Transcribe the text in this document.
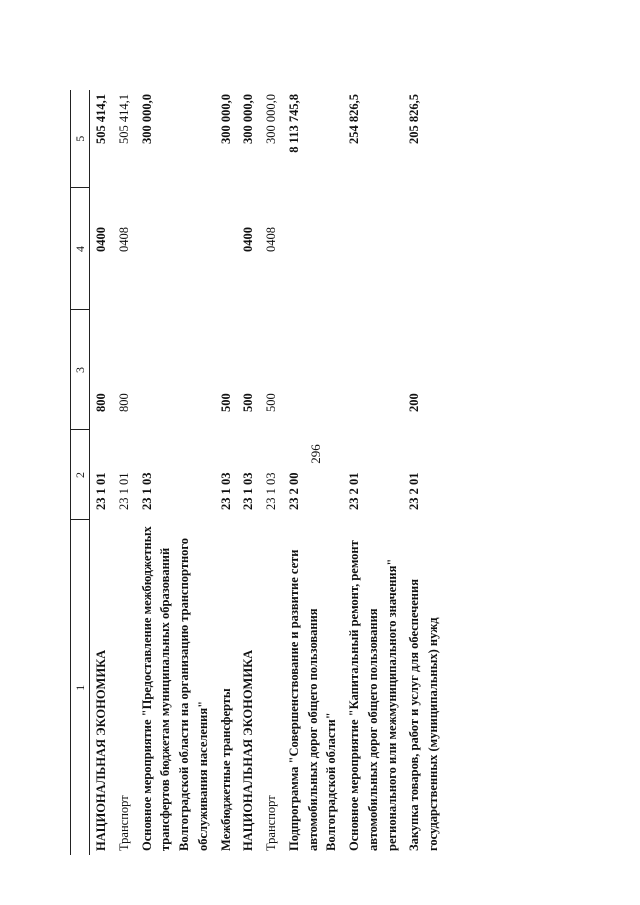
296
1	2	3	4	5
НАЦИОНАЛЬНАЯ ЭКОНОМИКА	23 1 01	800	0400	505 414,1
Транспорт	23 1 01	800	0408	505 414,1
Основное мероприятие "Предоставление межбюджетных трансфертов бюджетам муниципальных образований Волгоградской области на организацию транспортного обслуживания населения"	23 1 03			300 000,0
Межбюджетные трансферты	23 1 03	500		300 000,0
НАЦИОНАЛЬНАЯ ЭКОНОМИКА	23 1 03	500	0400	300 000,0
Транспорт	23 1 03	500	0408	300 000,0
Подпрограмма "Совершенствование и развитие сети автомобильных дорог общего пользования Волгоградской области"	23 2 00			8 113 745,8
Основное мероприятие "Капитальный ремонт, ремонт автомобильных дорог общего пользования регионального или межмуниципального значения"	23 2 01			254 826,5
Закупка товаров, работ и услуг для обеспечения государственных (муниципальных) нужд	23 2 01	200		205 826,5
